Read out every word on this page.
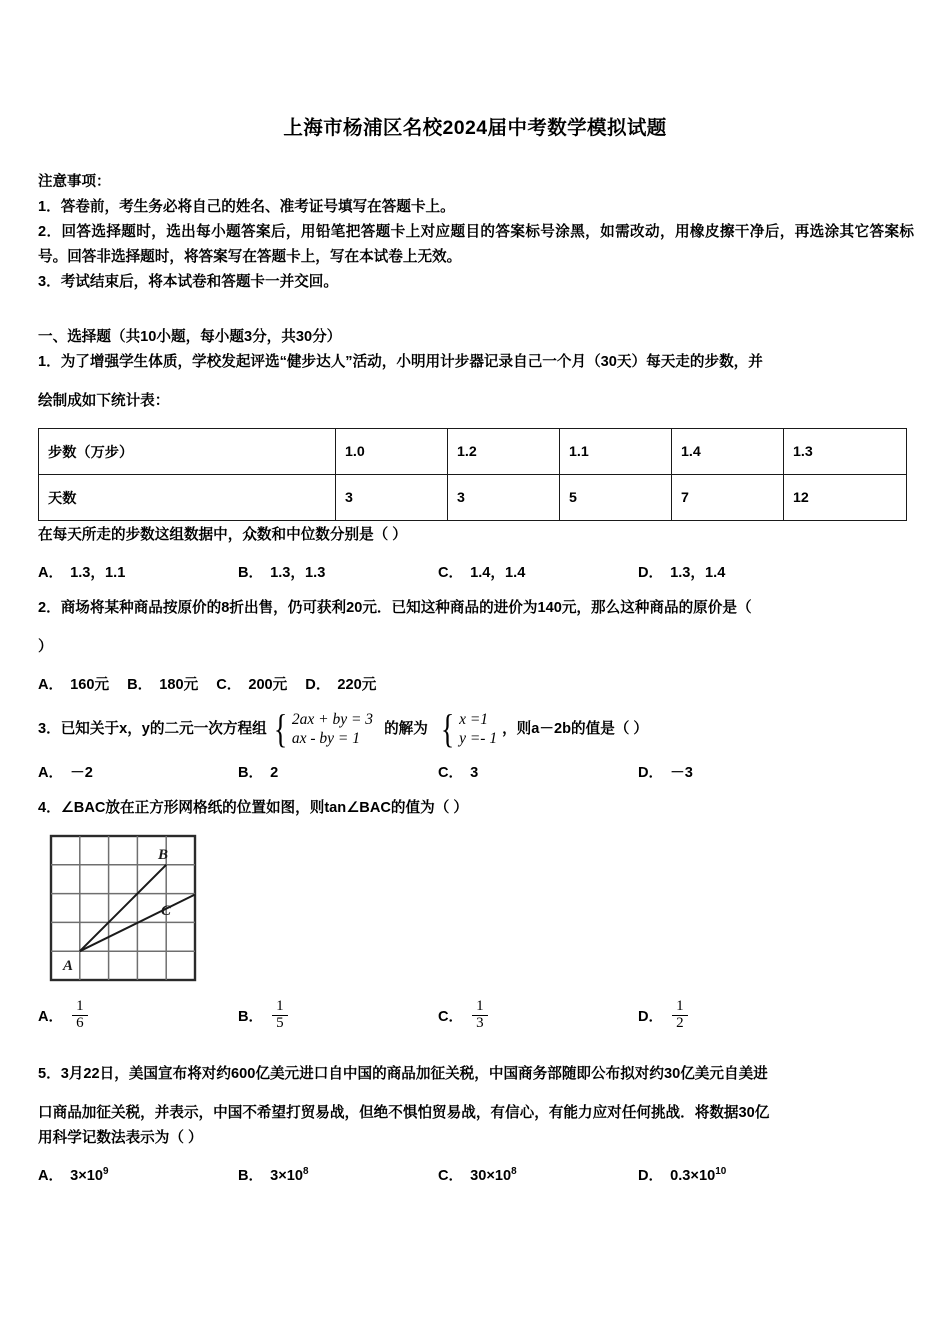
上海市杨浦区名校2024届中考数学模拟试题
注意事项：
1．答卷前，考生务必将自己的姓名、准考证号填写在答题卡上。
2．回答选择题时，选出每小题答案后，用铅笔把答题卡上对应题目的答案标号涂黑，如需改动，用橡皮擦干净后，再选涂其它答案标号。回答非选择题时，将答案写在答题卡上，写在本试卷上无效。
3．考试结束后，将本试卷和答题卡一并交回。
一、选择题（共10小题，每小题3分，共30分）
1．为了增强学生体质，学校发起评选“健步达人”活动，小明用计步器记录自己一个月（30天）每天走的步数，并
绘制成如下统计表：
步数（万步）	1.0	1.2	1.1	1.4	1.3
天数	3	3	5	7	12
在每天所走的步数这组数据中，众数和中位数分别是（ ）
A． 1.3，1.1	B． 1.3，1.3	C． 1.4，1.4	D． 1.3，1.4
2．商场将某种商品按原价的8折出售，仍可获利20元．已知这种商品的进价为140元，那么这种商品的原价是（
）
A． 160元 B． 180元 C． 200元 D． 220元
3．已知关于x，y的二元一次方程组 { 2ax + by = 3
ax - by = 1
的解为 { x =1
y =- 1
，则a－2b的值是（ ）
A． －2	B． 2	C． 3	D． －3
4．∠BAC放在正方形网格纸的位置如图，则tan∠BAC的值为（ ）
A
B
C
A． $\frac{1}{6}$	B． $\frac{1}{5}$	C． $\frac{1}{3}$	D． $\frac{1}{2}$
5．3月22日，美国宣布将对约600亿美元进口自中国的商品加征关税，中国商务部随即公布拟对约30亿美元自美进
口商品加征关税，并表示，中国不希望打贸易战，但绝不惧怕贸易战，有信心，有能力应对任何挑战．将数据30亿
用科学记数法表示为（ ）
A． $3\times 10^9$	B． $3\times 10^8$	C． $30\times 10^8$	D． $0.3\times 10^{10}$
